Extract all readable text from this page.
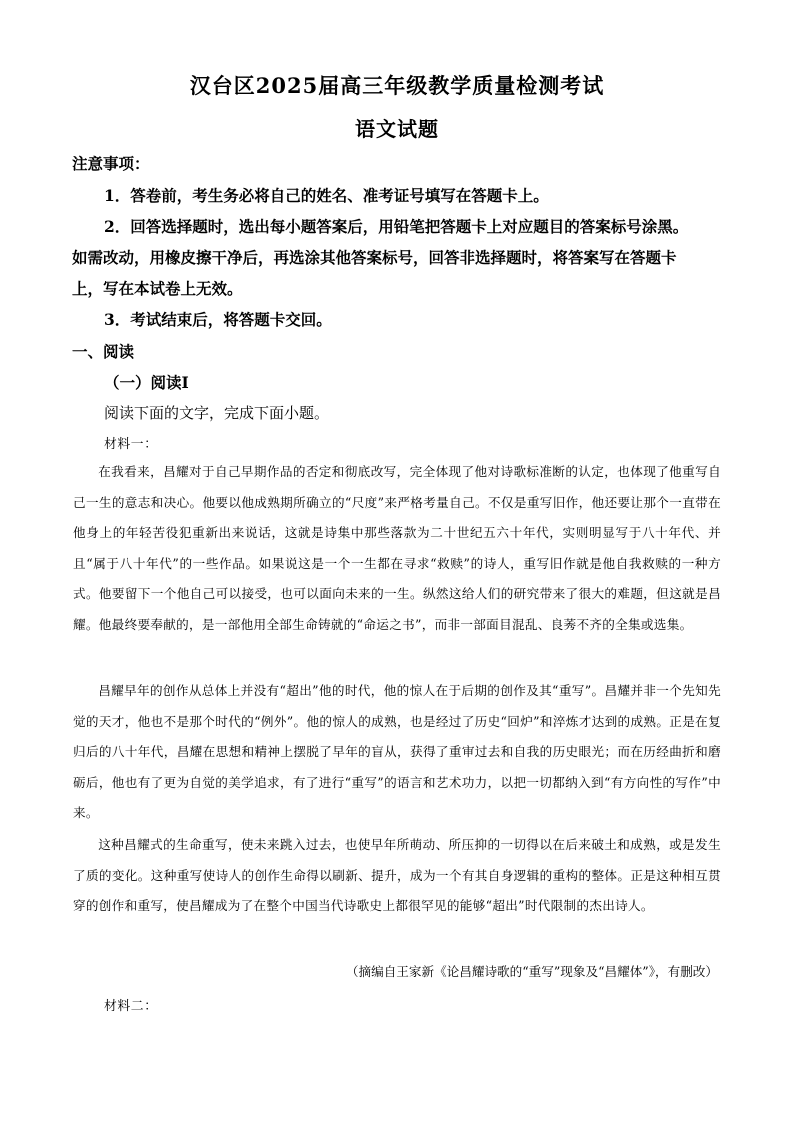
汉台区2025届高三年级教学质量检测考试
语文试题
注意事项：
1．答卷前，考生务必将自己的姓名、准考证号填写在答题卡上。
2．回答选择题时，选出每小题答案后，用铅笔把答题卡上对应题目的答案标号涂黑。
如需改动，用橡皮擦干净后，再选涂其他答案标号，回答非选择题时，将答案写在答题卡
上，写在本试卷上无效。
3．考试结束后，将答题卡交回。
一、阅读
（一）阅读Ⅰ
阅读下面的文字，完成下面小题。
材料一：

在我看来，昌耀对于自己早期作品的否定和彻底改写，完全体现了他对诗歌标准断的认定，也体现了他重写自己一生的意志和决心。他要以他成熟期所确立的“尺度”来严格考量自己。不仅是重写旧作，他还要让那个一直带在他身上的年轻苦役犯重新出来说话，这就是诗集中那些落款为二十世纪五六十年代，实则明显写于八十年代、并且“属于八十年代”的一些作品。如果说这是一个一生都在寻求“救赎”的诗人，重写旧作就是他自我救赎的一种方式。他要留下一个他自己可以接受，也可以面向未来的一生。纵然这给人们的研究带来了很大的难题，但这就是昌耀。他最终要奉献的，是一部他用全部生命铸就的“命运之书”，而非一部面目混乱、良莠不齐的全集或选集。

昌耀早年的创作从总体上并没有“超出”他的时代，他的惊人在于后期的创作及其“重写”。昌耀并非一个先知先觉的天才，他也不是那个时代的“例外”。他的惊人的成熟，也是经过了历史“回炉”和淬炼才达到的成熟。正是在复归后的八十年代，昌耀在思想和精神上摆脱了早年的盲从，获得了重审过去和自我的历史眼光；而在历经曲折和磨砺后，他也有了更为自觉的美学追求，有了进行“重写”的语言和艺术功力，以把一切都纳入到“有方向性的写作”中来。

这种昌耀式的生命重写，使未来跳入过去，也使早年所萌动、所压抑的一切得以在后来破土和成熟，或是发生了质的变化。这种重写使诗人的创作生命得以刷新、提升，成为一个有其自身逻辑的重构的整体。正是这种相互贯穿的创作和重写，使昌耀成为了在整个中国当代诗歌史上都很罕见的能够“超出”时代限制的杰出诗人。

（摘编自王家新《论昌耀诗歌的“重写”现象及“昌耀体”》，有删改）
材料二：
